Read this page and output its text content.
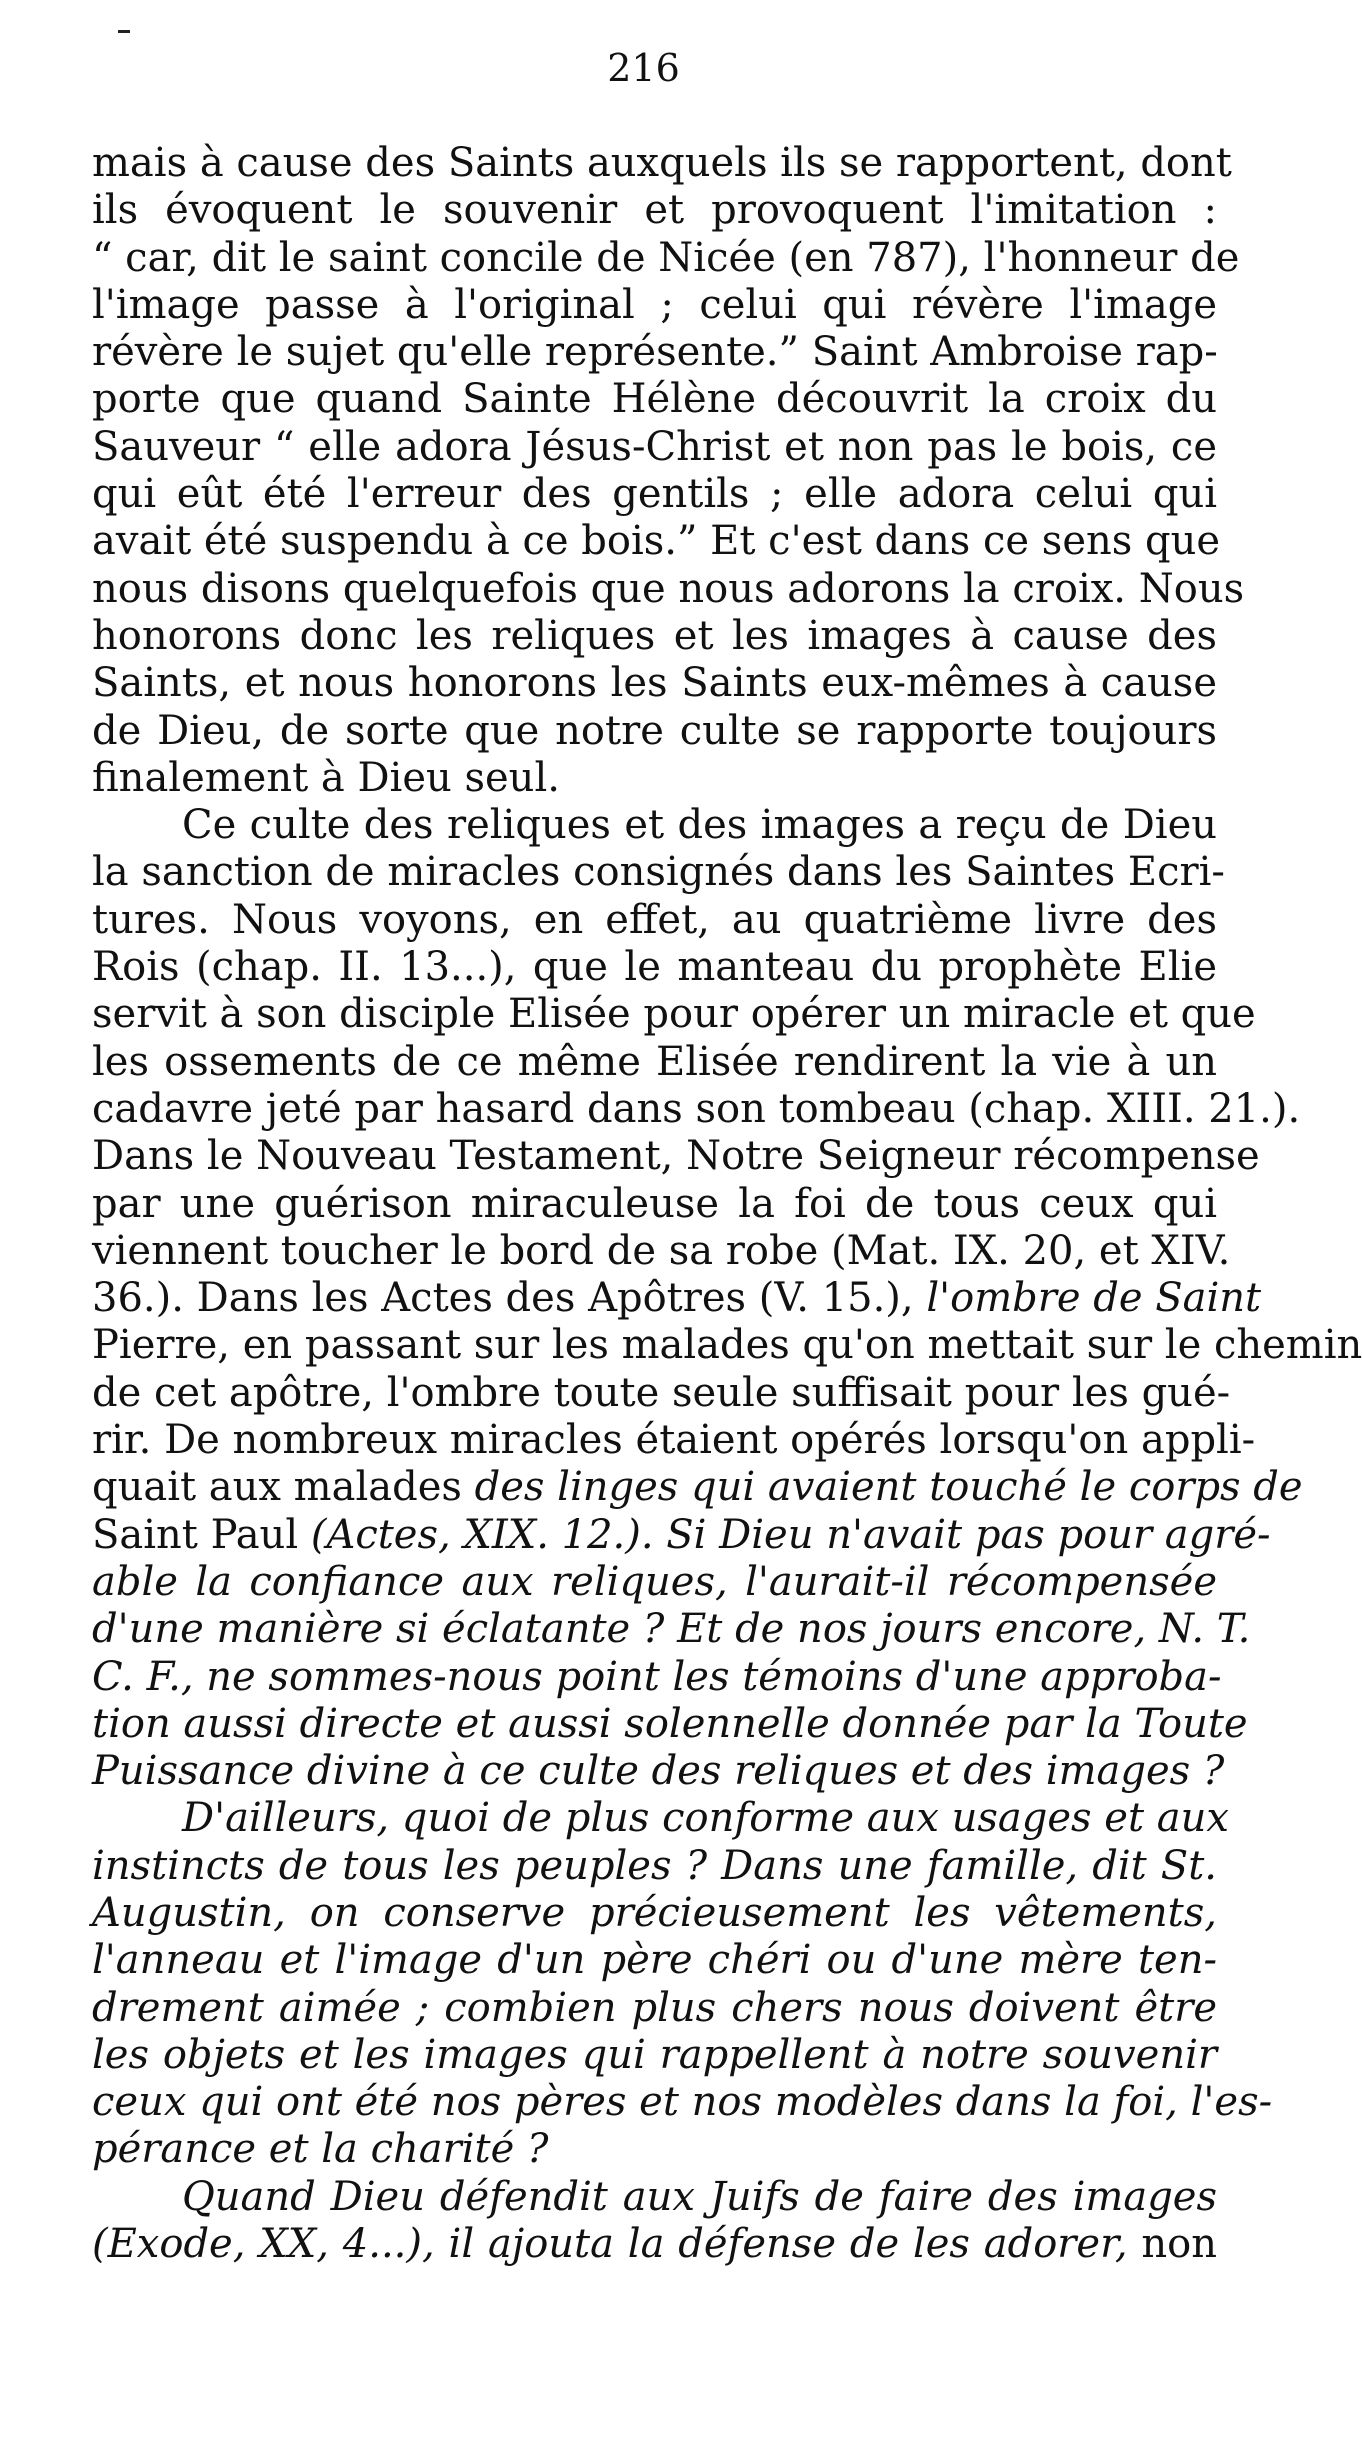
216
mais à cause des Saints auxquels ils se rapportent, dont
ils évoquent le souvenir et provoquent l'imitation :
“ car, dit le saint concile de Nicée (en 787), l'honneur de
l'image passe à l'original ; celui qui révère l'image
révère le sujet qu'elle représente.” Saint Ambroise rap-
porte que quand Sainte Hélène découvrit la croix du
Sauveur “ elle adora Jésus-Christ et non pas le bois, ce
qui eût été l'erreur des gentils ; elle adora celui qui
avait été suspendu à ce bois.” Et c'est dans ce sens que
nous disons quelquefois que nous adorons la croix. Nous
honorons donc les reliques et les images à cause des
Saints, et nous honorons les Saints eux-mêmes à cause
de Dieu, de sorte que notre culte se rapporte toujours
finalement à Dieu seul.
Ce culte des reliques et des images a reçu de Dieu
la sanction de miracles consignés dans les Saintes Ecri-
tures. Nous voyons, en effet, au quatrième livre des
Rois (chap. II. 13...), que le manteau du prophète Elie
servit à son disciple Elisée pour opérer un miracle et que
les ossements de ce même Elisée rendirent la vie à un
cadavre jeté par hasard dans son tombeau (chap. XIII. 21.).
Dans le Nouveau Testament, Notre Seigneur récompense
par une guérison miraculeuse la foi de tous ceux qui
viennent toucher le bord de sa robe (Mat. IX. 20, et XIV.
36.). Dans les Actes des Apôtres (V. 15.), l'ombre de Saint
Pierre, en passant sur les malades qu'on mettait sur le chemin
de cet apôtre, l'ombre toute seule suffisait pour les gué-
rir. De nombreux miracles étaient opérés lorsqu'on appli-
quait aux malades des linges qui avaient touché le corps de
Saint Paul (Actes, XIX. 12.). Si Dieu n'avait pas pour agré-
able la confiance aux reliques, l'aurait-il récompensée
d'une manière si éclatante ? Et de nos jours encore, N. T.
C. F., ne sommes-nous point les témoins d'une approba-
tion aussi directe et aussi solennelle donnée par la Toute
Puissance divine à ce culte des reliques et des images ?
D'ailleurs, quoi de plus conforme aux usages et aux
instincts de tous les peuples ? Dans une famille, dit St.
Augustin, on conserve précieusement les vêtements,
l'anneau et l'image d'un père chéri ou d'une mère ten-
drement aimée ; combien plus chers nous doivent être
les objets et les images qui rappellent à notre souvenir
ceux qui ont été nos pères et nos modèles dans la foi, l'es-
pérance et la charité ?
Quand Dieu défendit aux Juifs de faire des images
(Exode, XX, 4...), il ajouta la défense de les adorer, non
